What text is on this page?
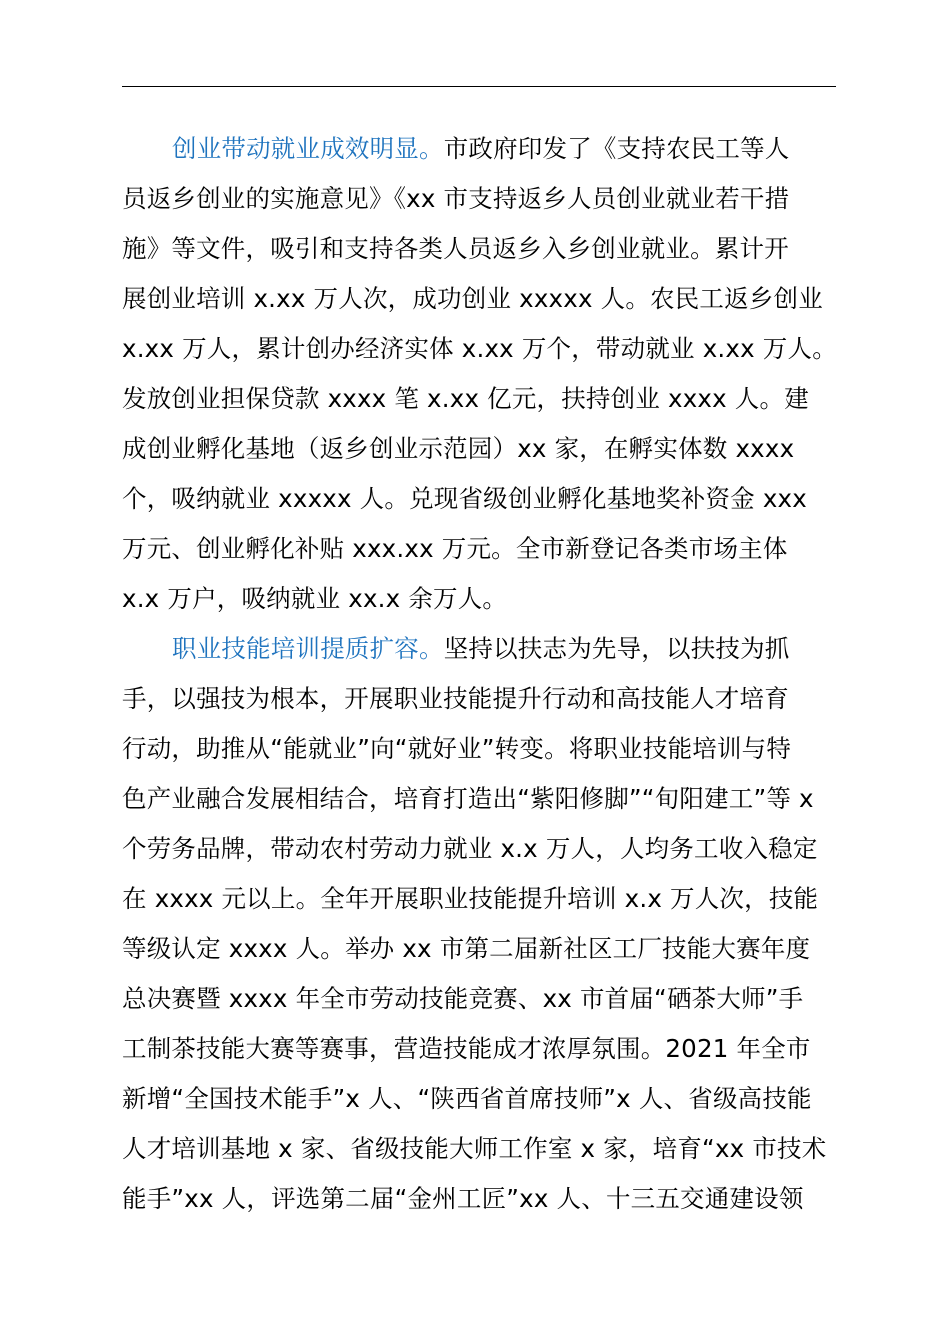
创业带动就业成效明显。市政府印发了《支持农民工等人
员返乡创业的实施意见》《xx 市支持返乡人员创业就业若干措
施》等文件，吸引和支持各类人员返乡入乡创业就业。累计开
展创业培训 x.xx 万人次，成功创业 xxxxx 人。农民工返乡创业
x.xx 万人，累计创办经济实体 x.xx 万个，带动就业 x.xx 万人。
发放创业担保贷款 xxxx 笔 x.xx 亿元，扶持创业 xxxx 人。建
成创业孵化基地（返乡创业示范园）xx 家，在孵实体数 xxxx
个，吸纳就业 xxxxx 人。兑现省级创业孵化基地奖补资金 xxx
万元、创业孵化补贴 xxx.xx 万元。全市新登记各类市场主体
x.x 万户，吸纳就业 xx.x 余万人。

职业技能培训提质扩容。坚持以扶志为先导，以扶技为抓
手，以强技为根本，开展职业技能提升行动和高技能人才培育
行动，助推从“能就业”向“就好业”转变。将职业技能培训与特
色产业融合发展相结合，培育打造出“紫阳修脚”“旬阳建工”等 x
个劳务品牌，带动农村劳动力就业 x.x 万人，人均务工收入稳定
在 xxxx 元以上。全年开展职业技能提升培训 x.x 万人次，技能
等级认定 xxxx 人。举办 xx 市第二届新社区工厂技能大赛年度
总决赛暨 xxxx 年全市劳动技能竞赛、xx 市首届“硒茶大师”手
工制茶技能大赛等赛事，营造技能成才浓厚氛围。2021 年全市
新增“全国技术能手”x 人、“陕西省首席技师”x 人、省级高技能
人才培训基地 x 家、省级技能大师工作室 x 家，培育“xx 市技术
能手”xx 人，评选第二届“金州工匠”xx 人、十三五交通建设领
